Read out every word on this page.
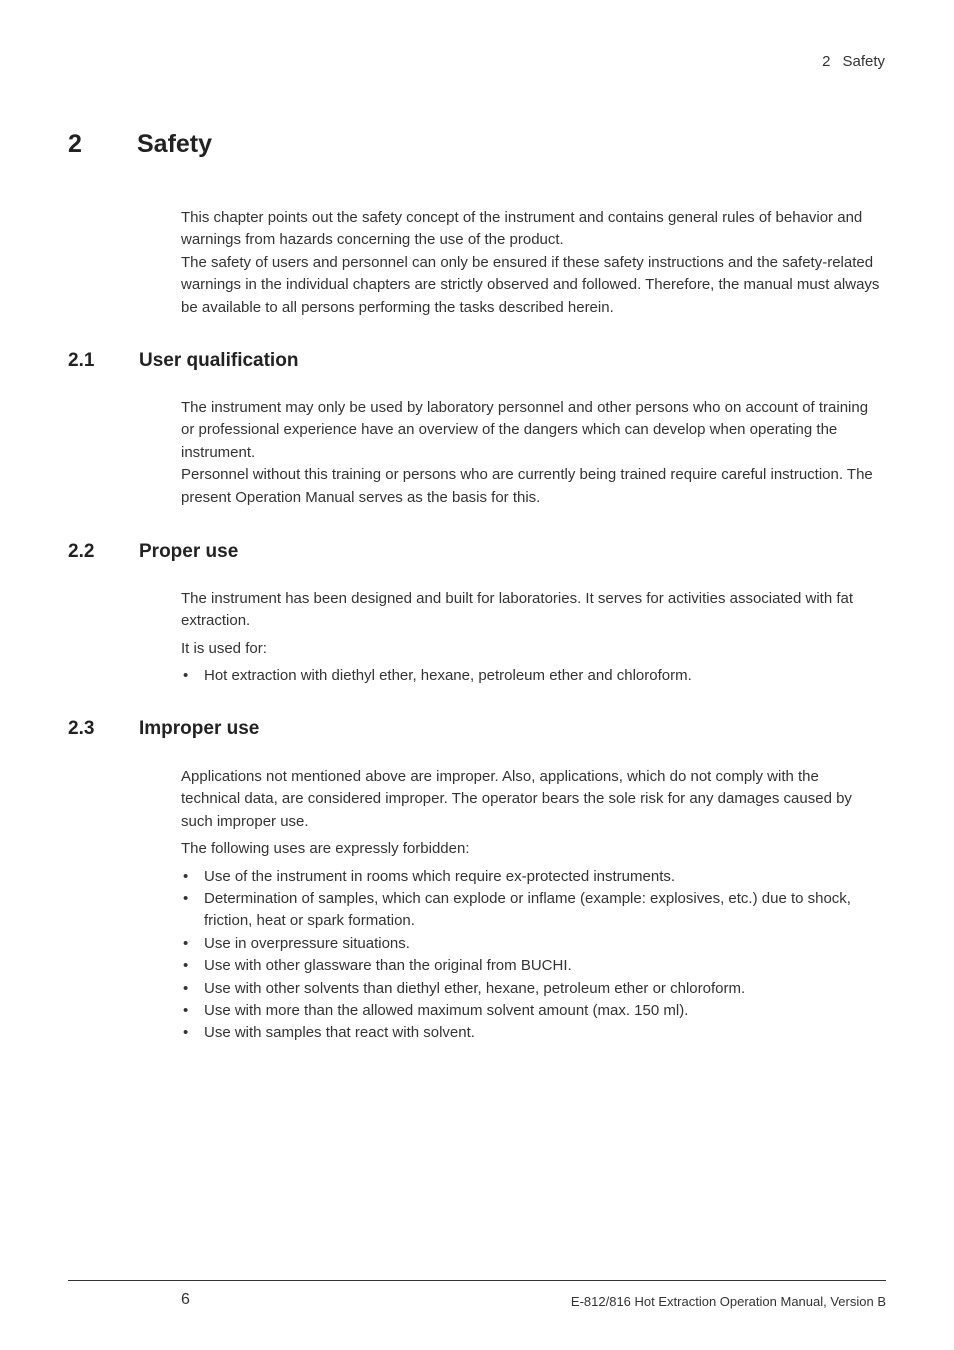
2 Safety
2 Safety

This chapter points out the safety concept of the instrument and contains general rules of behavior and warnings from hazards concerning the use of the product.

The safety of users and personnel can only be ensured if these safety instructions and the safety-related warnings in the individual chapters are strictly observed and followed. Therefore, the manual must always be available to all persons performing the tasks described herein.

2.1 User qualification

The instrument may only be used by laboratory personnel and other persons who on account of training or professional experience have an overview of the dangers which can develop when operating the instrument.

Personnel without this training or persons who are currently being trained require careful instruction. The present Operation Manual serves as the basis for this.

2.2 Proper use

The instrument has been designed and built for laboratories. It serves for activities associated with fat extraction.

It is used for:

• Hot extraction with diethyl ether, hexane, petroleum ether and chloroform.
2.3 Improper use

Applications not mentioned above are improper. Also, applications, which do not comply with the technical data, are considered improper. The operator bears the sole risk for any damages caused by such improper use.

The following uses are expressly forbidden:

• Use of the instrument in rooms which require ex-protected instruments.
• Determination of samples, which can explode or inflame (example: explosives, etc.) due to shock, friction, heat or spark formation.
• Use in overpressure situations.
• Use with other glassware than the original from BUCHI.
• Use with other solvents than diethyl ether, hexane, petroleum ether or chloroform.
• Use with more than the allowed maximum solvent amount (max. 150 ml).
• Use with samples that react with solvent.
6	E-812/816 Hot Extraction Operation Manual, Version B
